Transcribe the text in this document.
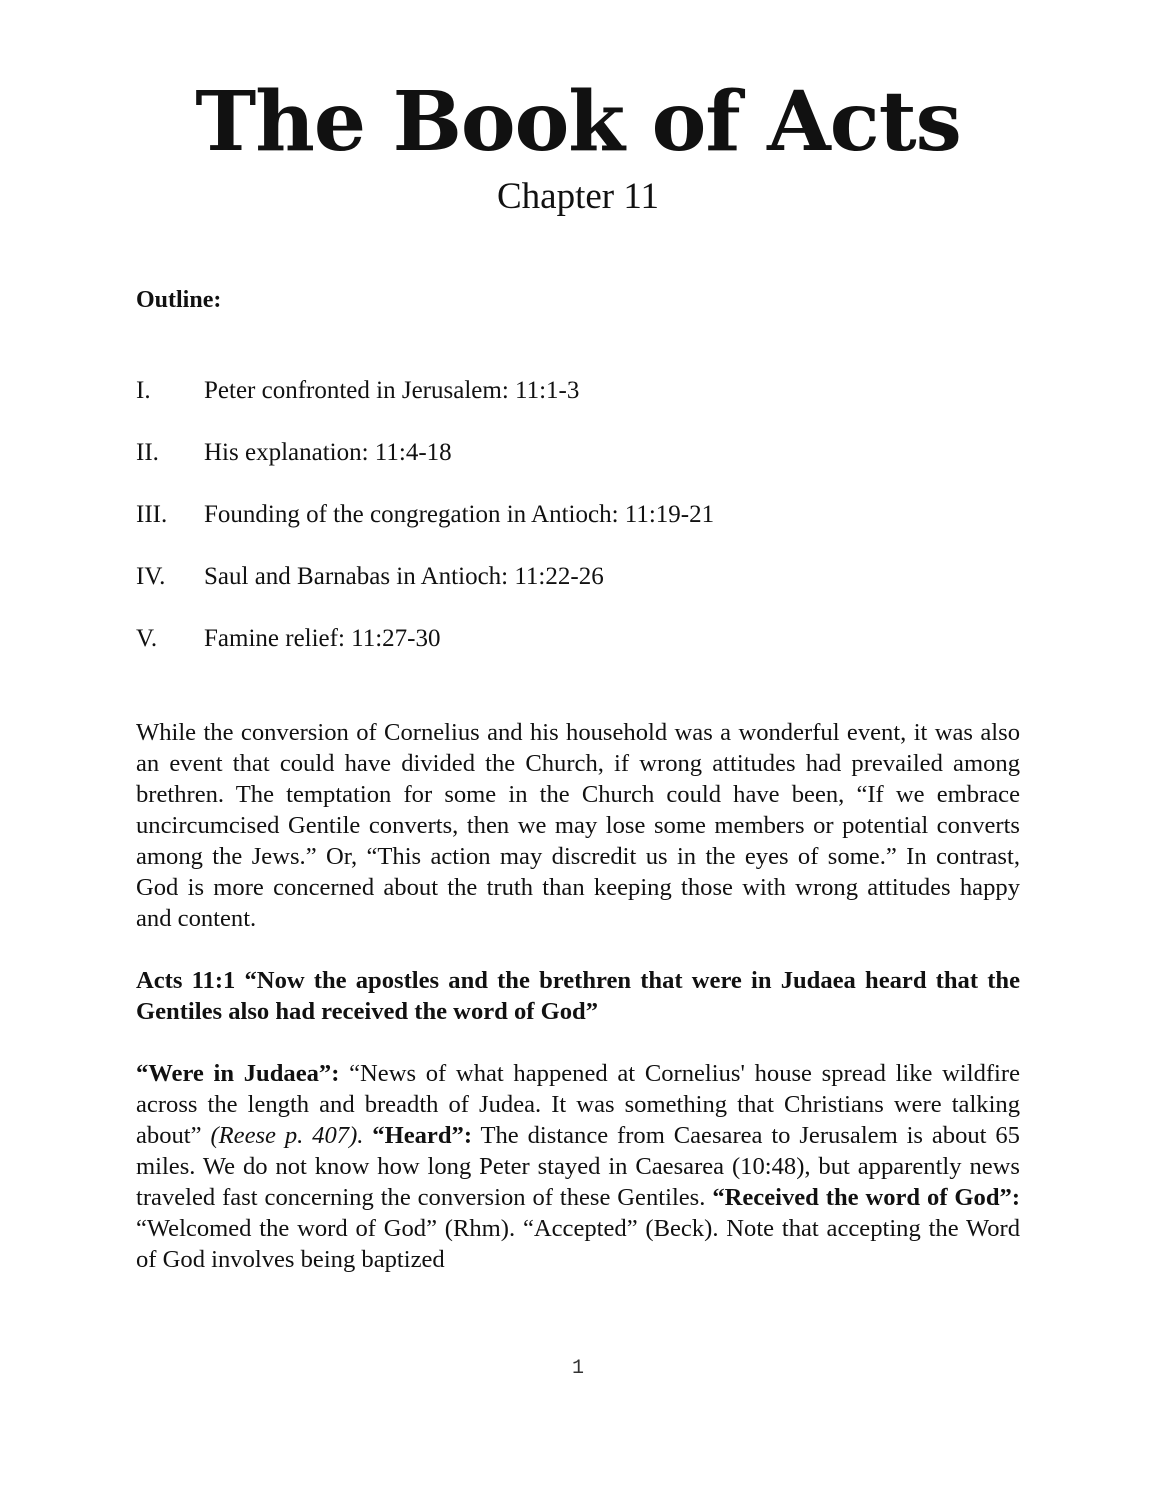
The Book of Acts
Chapter 11
Outline:
I. Peter confronted in Jerusalem: 11:1-3
II. His explanation: 11:4-18
III. Founding of the congregation in Antioch: 11:19-21
IV. Saul and Barnabas in Antioch: 11:22-26
V. Famine relief: 11:27-30

While the conversion of Cornelius and his household was a wonderful event, it was also an event that could have divided the Church, if wrong attitudes had prevailed among brethren. The temptation for some in the Church could have been, “If we embrace uncircumcised Gentile converts, then we may lose some members or potential converts among the Jews.” Or, “This action may discredit us in the eyes of some.” In contrast, God is more concerned about the truth than keeping those with wrong attitudes happy and content.

Acts 11:1 “Now the apostles and the brethren that were in Judaea heard that the Gentiles also had received the word of God”

“Were in Judaea”: “News of what happened at Cornelius' house spread like wildfire across the length and breadth of Judea. It was something that Christians were talking about” (Reese p. 407). “Heard”: The distance from Caesarea to Jerusalem is about 65 miles. We do not know how long Peter stayed in Caesarea (10:48), but apparently news traveled fast concerning the conversion of these Gentiles. “Received the word of God”: “Welcomed the word of God” (Rhm). “Accepted” (Beck). Note that accepting the Word of God involves being baptized

1
